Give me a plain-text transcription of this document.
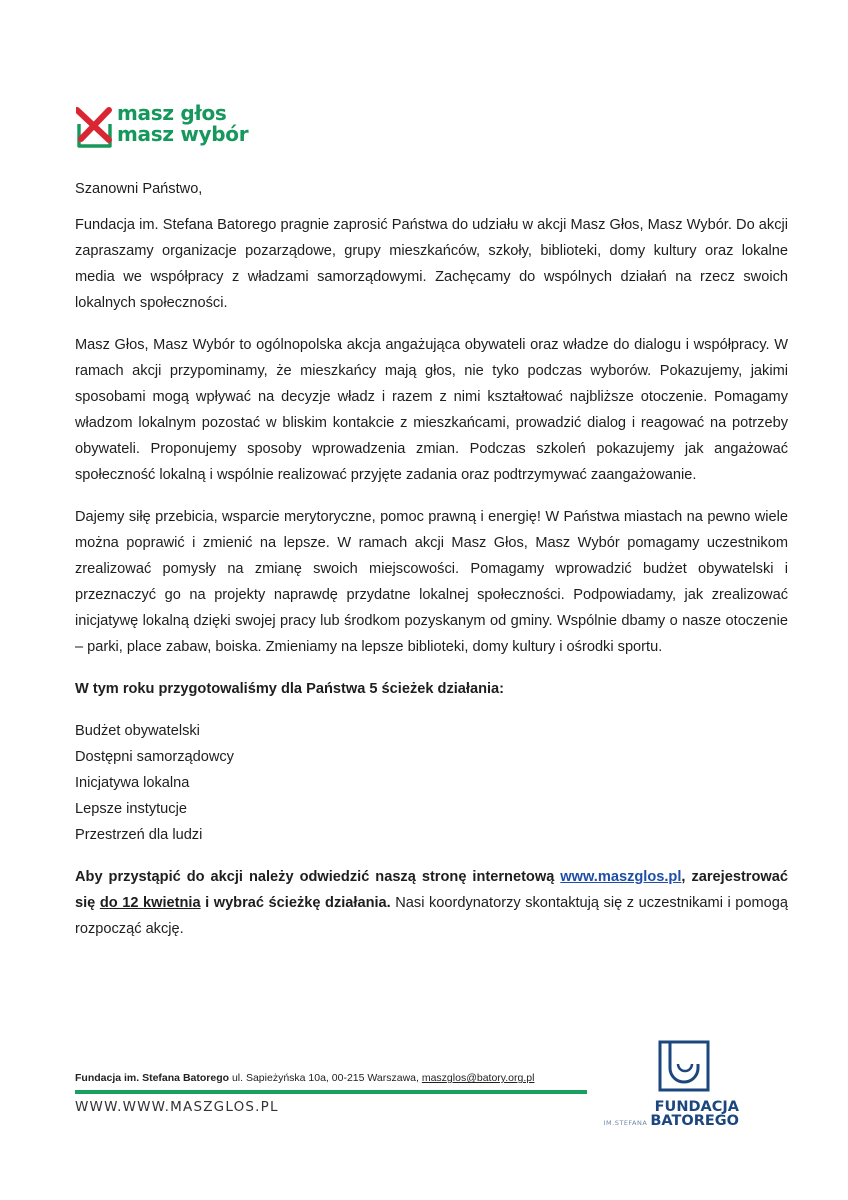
masz głos
masz wybór

Szanowni Państwo,

Fundacja im. Stefana Batorego pragnie zaprosić Państwa do udziału w akcji Masz Głos, Masz Wybór. Do akcji zapraszamy organizacje pozarządowe, grupy mieszkańców, szkoły, biblioteki, domy kultury oraz lokalne media we współpracy z władzami samorządowymi. Zachęcamy do wspólnych działań na rzecz swoich lokalnych społeczności.

Masz Głos, Masz Wybór to ogólnopolska akcja angażująca obywateli oraz władze do dialogu i współpracy. W ramach akcji przypominamy, że mieszkańcy mają głos, nie tyko podczas wyborów. Pokazujemy, jakimi sposobami mogą wpływać na decyzje władz i razem z nimi kształtować najbliższe otoczenie. Pomagamy władzom lokalnym pozostać w bliskim kontakcie z mieszkańcami, prowadzić dialog i reagować na potrzeby obywateli. Proponujemy sposoby wprowadzenia zmian. Podczas szkoleń pokazujemy jak angażować społeczność lokalną i wspólnie realizować przyjęte zadania oraz podtrzymywać zaangażowanie.

Dajemy siłę przebicia, wsparcie merytoryczne, pomoc prawną i energię! W Państwa miastach na pewno wiele można poprawić i zmienić na lepsze. W ramach akcji Masz Głos, Masz Wybór pomagamy uczestnikom zrealizować pomysły na zmianę swoich miejscowości. Pomagamy wprowadzić budżet obywatelski i przeznaczyć go na projekty naprawdę przydatne lokalnej społeczności. Podpowiadamy, jak zrealizować inicjatywę lokalną dzięki swojej pracy lub środkom pozyskanym od gminy. Wspólnie dbamy o nasze otoczenie – parki, place zabaw, boiska. Zmieniamy na lepsze biblioteki, domy kultury i ośrodki sportu.

W tym roku przygotowaliśmy dla Państwa 5 ścieżek działania:

Budżet obywatelski
Dostępni samorządowcy
Inicjatywa lokalna
Lepsze instytucje
Przestrzeń dla ludzi

Aby przystąpić do akcji należy odwiedzić naszą stronę internetową www.maszglos.pl, zarejestrować się do 12 kwietnia i wybrać ścieżkę działania. Nasi koordynatorzy skontaktują się z uczestnikami i pomogą rozpocząć akcję.

Fundacja im. Stefana Batorego ul. Sapieżyńska 10a, 00-215 Warszawa, maszglos@batory.org.pl
WWW.WWW.MASZGLOS.PL	FUNDACJA
IM.STEFANA BATOREGO
